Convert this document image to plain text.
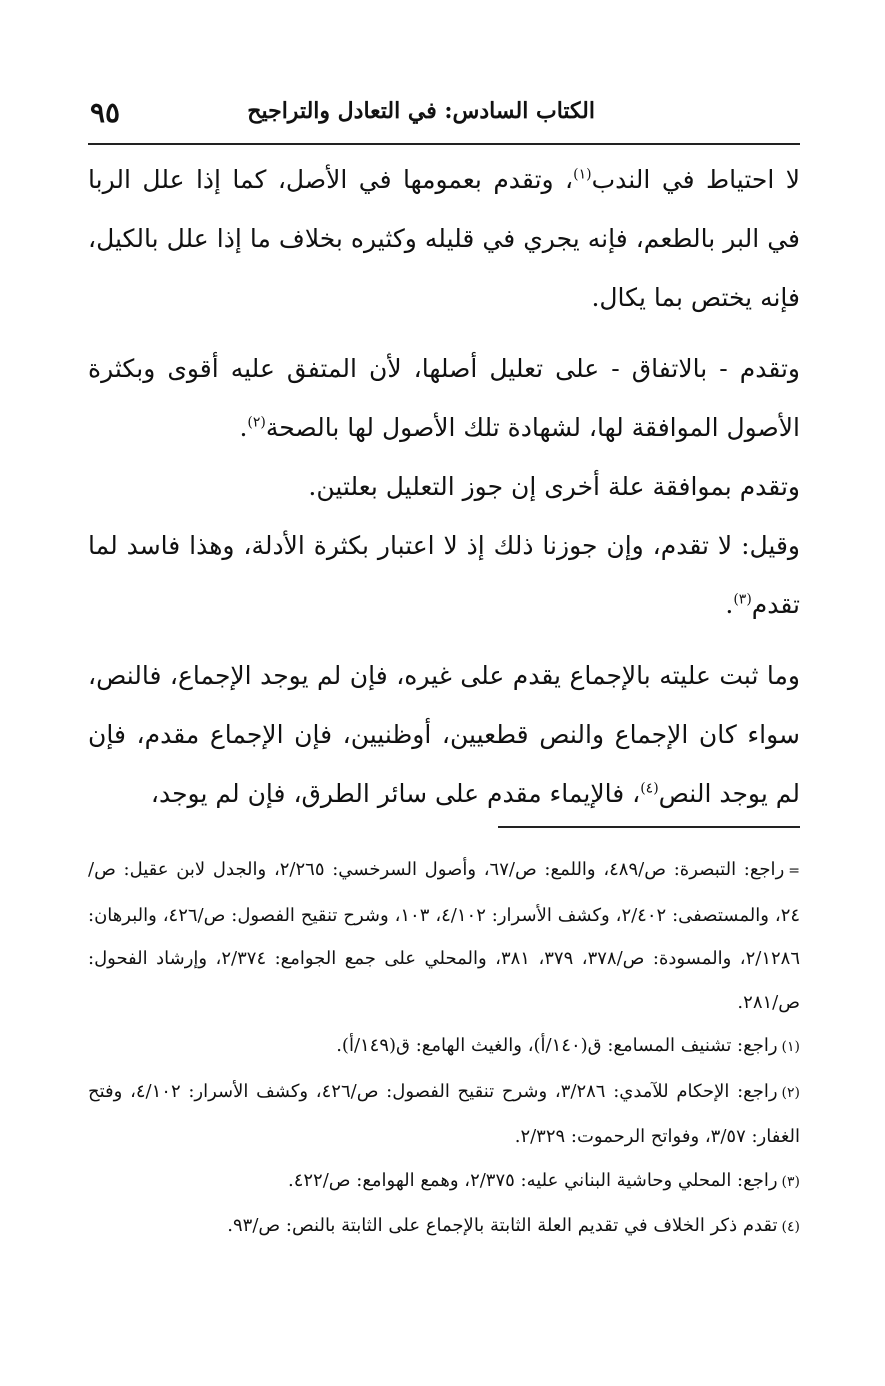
الكتاب السادس: في التعادل والتراجيح
٩٥

لا احتياط في الندب$^{(١)}$، وتقدم بعمومها في الأصل، كما إذا علل الربا في البر بالطعم، فإنه يجري في قليله وكثيره بخلاف ما إذا علل بالكيل، فإنه يختص بما يكال.

وتقدم - بالاتفاق - على تعليل أصلها، لأن المتفق عليه أقوى وبكثرة الأصول الموافقة لها، لشهادة تلك الأصول لها بالصحة$^{(٢)}$.

وتقدم بموافقة علة أخرى إن جوز التعليل بعلتين.

وقيل: لا تقدم، وإن جوزنا ذلك إذ لا اعتبار بكثرة الأدلة، وهذا فاسد لما تقدم$^{(٣)}$.

وما ثبت عليته بالإجماع يقدم على غيره، فإن لم يوجد الإجماع، فالنص، سواء كان الإجماع والنص قطعيين، أوظنيين، فإن الإجماع مقدم، فإن لم يوجد النص$^{(٤)}$، فالإيماء مقدم على سائر الطرق، فإن لم يوجد،

=راجع: التبصرة: ص/٤٨٩، واللمع: ص/٦٧، وأصول السرخسي: ٢/٢٦٥، والجدل لابن عقيل: ص/٢٤، والمستصفى: ٢/٤٠٢، وكشف الأسرار: ٤/١٠٢، ١٠٣، وشرح تنقيح الفصول: ص/٤٢٦، والبرهان: ٢/١٢٨٦، والمسودة: ص/٣٧٨، ٣٧٩، ٣٨١، والمحلي على جمع الجوامع: ٢/٣٧٤، وإرشاد الفحول: ص/٢٨١.

(١)راجع: تشنيف المسامع: ق(١٤٠/أ)، والغيث الهامع: ق(١٤٩/أ).

(٢)راجع: الإحكام للآمدي: ٣/٢٨٦، وشرح تنقيح الفصول: ص/٤٢٦، وكشف الأسرار: ٤/١٠٢، وفتح الغفار: ٣/٥٧، وفواتح الرحموت: ٢/٣٢٩.

(٣)راجع: المحلي وحاشية البناني عليه: ٢/٣٧٥، وهمع الهوامع: ص/٤٢٢.

(٤)تقدم ذكر الخلاف في تقديم العلة الثابتة بالإجماع على الثابتة بالنص: ص/٩٣.
